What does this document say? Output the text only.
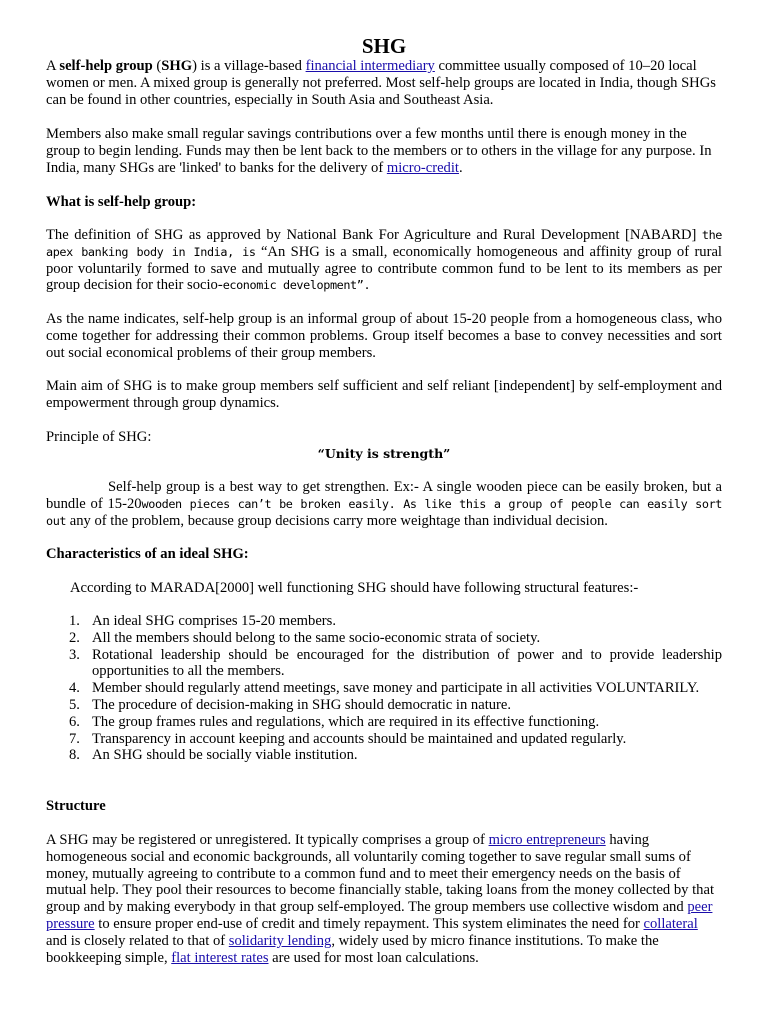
SHG

A self-help group (SHG) is a village-based financial intermediary committee usually composed of 10–20 local women or men. A mixed group is generally not preferred. Most self-help groups are located in India, though SHGs can be found in other countries, especially in South Asia and Southeast Asia.

Members also make small regular savings contributions over a few months until there is enough money in the group to begin lending. Funds may then be lent back to the members or to others in the village for any purpose. In India, many SHGs are 'linked' to banks for the delivery of micro-credit.

What is self-help group:

The definition of SHG as approved by National Bank For Agriculture and Rural Development [NABARD] the apex banking body in India, is “An SHG is a small, economically homogeneous and affinity group of rural poor voluntarily formed to save and mutually agree to contribute common fund to be lent to its members as per group decision for their socio-economic development”.

As the name indicates, self-help group is an informal group of about 15-20 people from a homogeneous class, who come together for addressing their common problems. Group itself becomes a base to convey necessities and sort out social economical problems of their group members.

Main aim of SHG is to make group members self sufficient and self reliant [independent] by self-employment and empowerment through group dynamics.

Principle of SHG:

“Unity is strength”

Self-help group is a best way to get strengthen. Ex:- A single wooden piece can be easily broken, but a bundle of 15-20wooden pieces can’t be broken easily. As like this a group of people can easily sort out any of the problem, because group decisions carry more weightage than individual decision.

Characteristics of an ideal SHG:

According to MARADA[2000] well functioning SHG should have following structural features:-

1. An ideal SHG comprises 15-20 members.
2. All the members should belong to the same socio-economic strata of society.
3. Rotational leadership should be encouraged for the distribution of power and to provide leadership opportunities to all the members.
4. Member should regularly attend meetings, save money and participate in all activities VOLUNTARILY.
5. The procedure of decision-making in SHG should democratic in nature.
6. The group frames rules and regulations, which are required in its effective functioning.
7. Transparency in account keeping and accounts should be maintained and updated regularly.
8. An SHG should be socially viable institution.
Structure

A SHG may be registered or unregistered. It typically comprises a group of micro entrepreneurs having homogeneous social and economic backgrounds, all voluntarily coming together to save regular small sums of money, mutually agreeing to contribute to a common fund and to meet their emergency needs on the basis of mutual help. They pool their resources to become financially stable, taking loans from the money collected by that group and by making everybody in that group self-employed. The group members use collective wisdom and peer pressure to ensure proper end-use of credit and timely repayment. This system eliminates the need for collateral and is closely related to that of solidarity lending, widely used by micro finance institutions. To make the bookkeeping simple, flat interest rates are used for most loan calculations.
